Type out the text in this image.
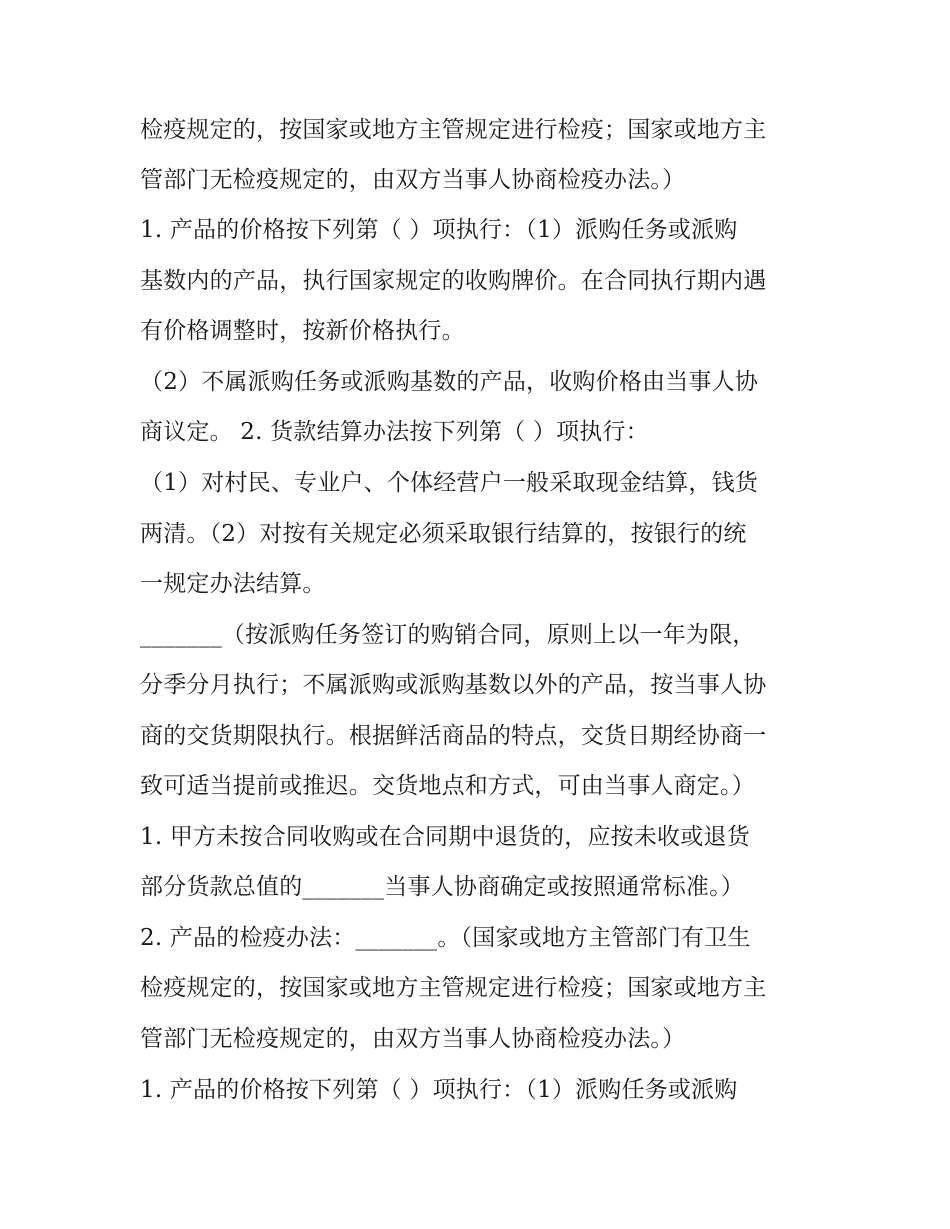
检疫规定的，按国家或地方主管规定进行检疫；国家或地方主
管部门无检疫规定的，由双方当事人协商检疫办法。）
1. 产品的价格按下列第（ ）项执行：（1）派购任务或派购
基数内的产品，执行国家规定的收购牌价。在合同执行期内遇
有价格调整时，按新价格执行。
（2）不属派购任务或派购基数的产品，收购价格由当事人协
商议定。 2. 货款结算办法按下列第（ ）项执行：
（1）对村民、专业户、个体经营户一般采取现金结算，钱货
两清。（2）对按有关规定必须采取银行结算的，按银行的统
一规定办法结算。
_______（按派购任务签订的购销合同，原则上以一年为限，
分季分月执行；不属派购或派购基数以外的产品，按当事人协
商的交货期限执行。根据鲜活商品的特点，交货日期经协商一
致可适当提前或推迟。交货地点和方式，可由当事人商定。）
1. 甲方未按合同收购或在合同期中退货的，应按未收或退货
部分货款总值的_______当事人协商确定或按照通常标准。）
2. 产品的检疫办法：_______。（国家或地方主管部门有卫生
检疫规定的，按国家或地方主管规定进行检疫；国家或地方主
管部门无检疫规定的，由双方当事人协商检疫办法。）
1. 产品的价格按下列第（ ）项执行：（1）派购任务或派购
